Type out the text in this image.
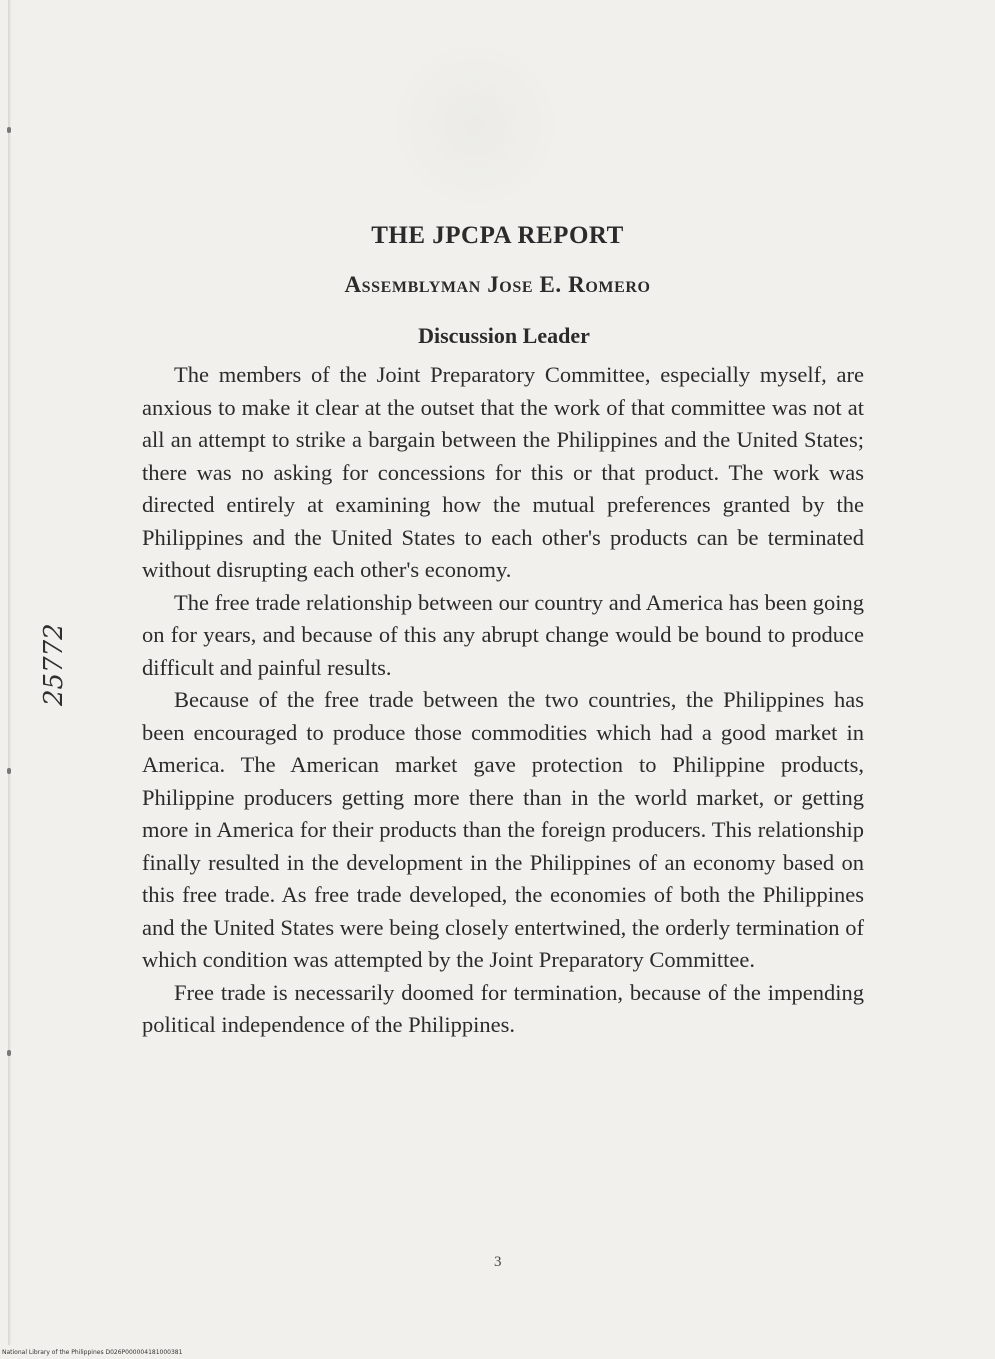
25772
THE JPCPA REPORT
Assemblyman Jose E. Romero
Discussion Leader

The members of the Joint Preparatory Committee, especially myself, are anxious to make it clear at the outset that the work of that committee was not at all an attempt to strike a bargain between the Philippines and the United States; there was no asking for concessions for this or that product. The work was directed entirely at examining how the mutual preferences granted by the Philippines and the United States to each other's products can be terminated without disrupting each other's economy.

The free trade relationship between our country and America has been going on for years, and because of this any abrupt change would be bound to produce difficult and painful results.

Because of the free trade between the two countries, the Philippines has been encouraged to produce those commodities which had a good market in America. The American market gave protection to Philippine products, Philippine producers getting more there than in the world market, or getting more in America for their products than the foreign producers. This relationship finally resulted in the development in the Philippines of an economy based on this free trade. As free trade developed, the economies of both the Philippines and the United States were being closely entertwined, the orderly termination of which condition was attempted by the Joint Preparatory Committee.

Free trade is necessarily doomed for termination, because of the impending political independence of the Philippines.

3
National Library of the Philippines D026P000004181000381
